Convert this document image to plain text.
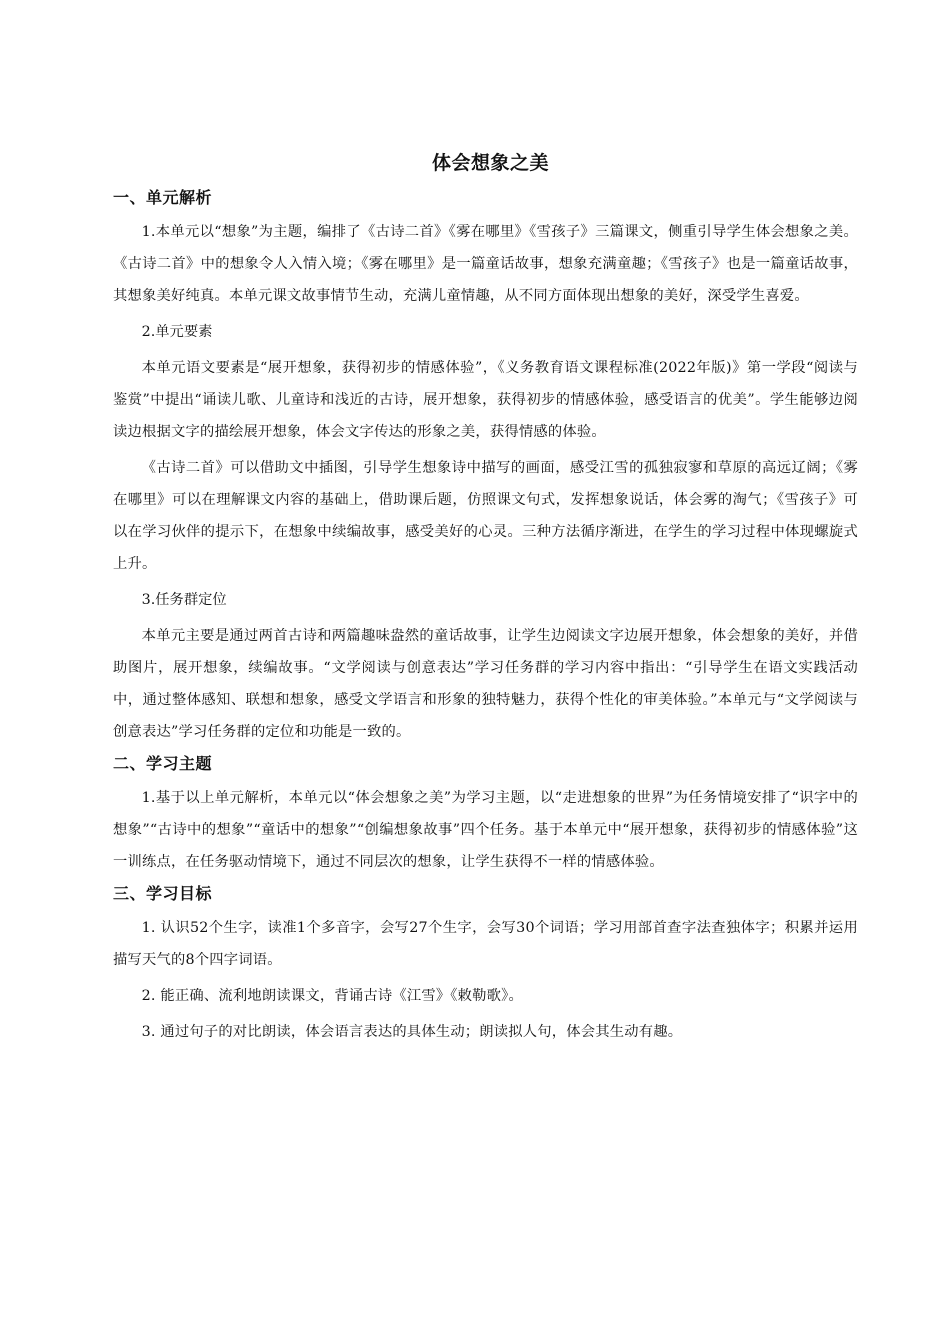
体会想象之美
一、单元解析

1.本单元以“想象”为主题，编排了《古诗二首》《雾在哪里》《雪孩子》三篇课文，侧重引导学生体会想象之美。《古诗二首》中的想象令人入情入境；《雾在哪里》是一篇童话故事，想象充满童趣；《雪孩子》也是一篇童话故事，其想象美好纯真。本单元课文故事情节生动，充满儿童情趣，从不同方面体现出想象的美好，深受学生喜爱。

2.单元要素

本单元语文要素是“展开想象，获得初步的情感体验”，《义务教育语文课程标准(2022年版)》第一学段“阅读与鉴赏”中提出“诵读儿歌、儿童诗和浅近的古诗，展开想象，获得初步的情感体验，感受语言的优美”。学生能够边阅读边根据文字的描绘展开想象，体会文字传达的形象之美，获得情感的体验。

《古诗二首》可以借助文中插图，引导学生想象诗中描写的画面，感受江雪的孤独寂寥和草原的高远辽阔；《雾在哪里》可以在理解课文内容的基础上，借助课后题，仿照课文句式，发挥想象说话，体会雾的淘气；《雪孩子》可以在学习伙伴的提示下，在想象中续编故事，感受美好的心灵。三种方法循序渐进，在学生的学习过程中体现螺旋式上升。

3.任务群定位

本单元主要是通过两首古诗和两篇趣味盎然的童话故事，让学生边阅读文字边展开想象，体会想象的美好，并借助图片，展开想象，续编故事。“文学阅读与创意表达”学习任务群的学习内容中指出：“引导学生在语文实践活动中，通过整体感知、联想和想象，感受文学语言和形象的独特魅力，获得个性化的审美体验。”本单元与“文学阅读与创意表达”学习任务群的定位和功能是一致的。

二、学习主题

1.基于以上单元解析，本单元以“体会想象之美”为学习主题，以“走进想象的世界”为任务情境安排了“识字中的想象”“古诗中的想象”“童话中的想象”“创编想象故事”四个任务。基于本单元中“展开想象，获得初步的情感体验”这一训练点，在任务驱动情境下，通过不同层次的想象，让学生获得不一样的情感体验。

三、学习目标

1. 认识52个生字，读准1个多音字，会写27个生字，会写30个词语；学习用部首查字法查独体字；积累并运用描写天气的8个四字词语。

2. 能正确、流利地朗读课文，背诵古诗《江雪》《敕勒歌》。

3. 通过句子的对比朗读，体会语言表达的具体生动；朗读拟人句，体会其生动有趣。
